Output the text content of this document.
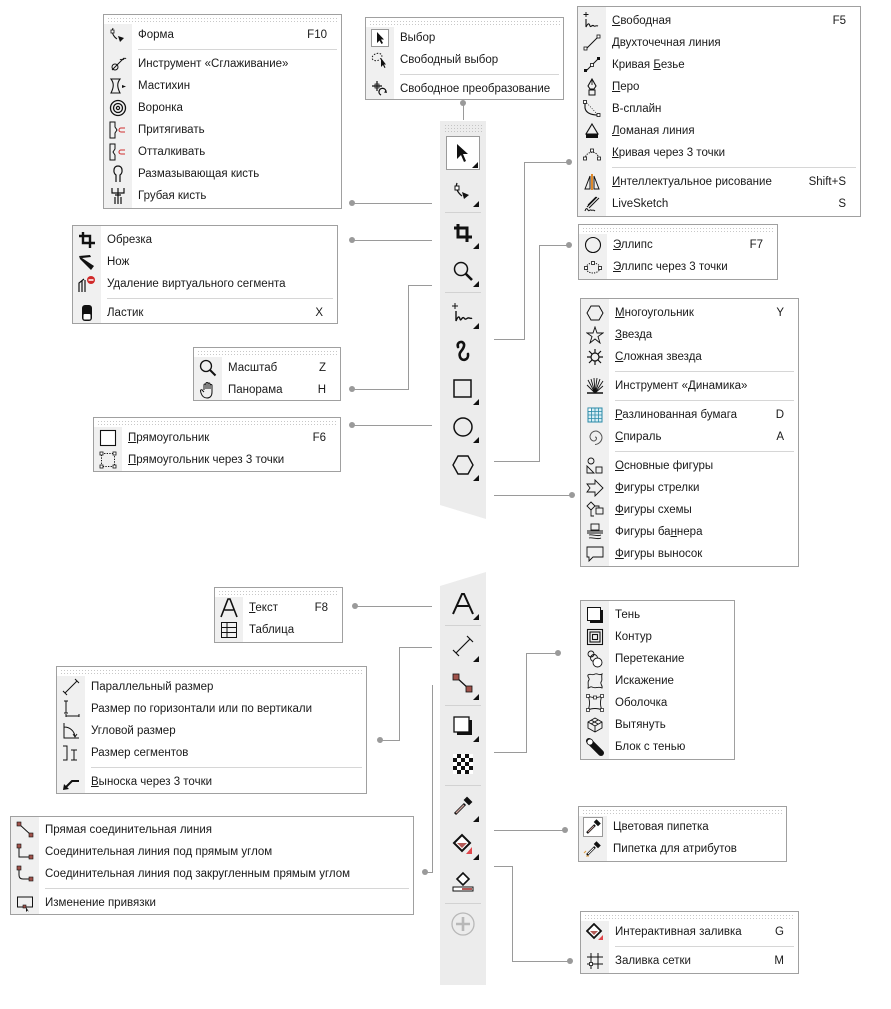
Выбор
Свободный выбор
Свободное преобразование
Форма	F10
Инструмент «Сглаживание»
Мастихин
Воронка
Притягивать
Отталкивать
Размазывающая кисть
Грубая кисть
Обрезка
Нож
Удаление виртуального сегмента
Ластик	X
Масштаб	Z
Панорама	H
Прямоугольник	F6
Прямоугольник через 3 точки
Свободная	F5
Двухточечная линия
Кривая Безье
Перо
B-сплайн
Ломаная линия
Кривая через 3 точки
Интеллектуальное рисование	Shift+S
LiveSketch	S
Эллипс	F7
Эллипс через 3 точки
Многоугольник	Y
Звезда
Сложная звезда
Инструмент «Динамика»
Разлинованная бумага	D
Спираль	A
Основные фигуры
Фигуры стрелки
Фигуры схемы
Фигуры баннера
Фигуры выносок
Текст	F8
Таблица
Параллельный размер
Размер по горизонтали или по вертикали
Угловой размер
Размер сегментов
Выноска через 3 точки
Прямая соединительная линия
Соединительная линия под прямым углом
Соединительная линия под закругленным прямым углом
Изменение привязки
Тень
Контур
Перетекание
Искажение
Оболочка
Вытянуть
Блок с тенью
Цветовая пипетка
Пипетка для атрибутов
Интерактивная заливка	G
Заливка сетки	M
